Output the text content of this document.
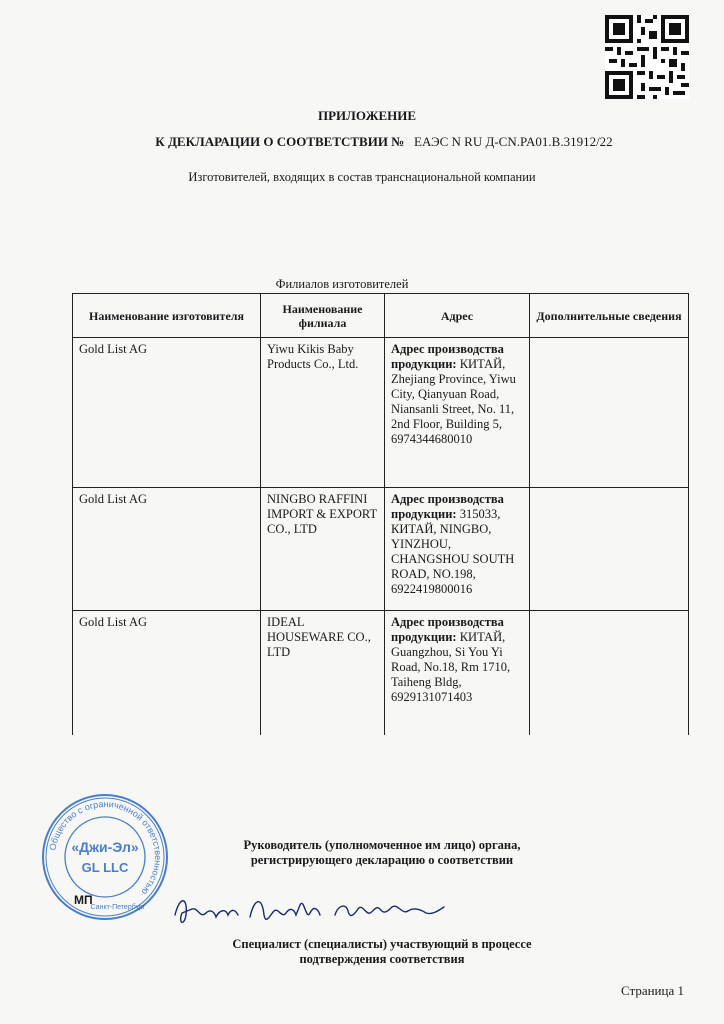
ПРИЛОЖЕНИЕ
К ДЕКЛАРАЦИИ О СООТВЕТСТВИИ № ЕАЭС N RU Д-CN.PA01.B.31912/22
Изготовителей, входящих в состав транснациональной компании
Филиалов изготовителей
Наименование изготовителя	Наименование филиала	Адрес	Дополнительные сведения
Gold List AG	Yiwu Kikis Baby Products Co., Ltd.	Адрес производства продукции: КИТАЙ, Zhejiang Province, Yiwu City, Qianyuan Road, Niansanli Street, No. 11, 2nd Floor, Building 5, 6974344680010	
Gold List AG	NINGBO RAFFINI IMPORT & EXPORT CO., LTD	Адрес производства продукции: 315033, КИТАЙ, NINGBO, YINZHOU, CHANGSHOU SOUTH ROAD, NO.198, 6922419800016	
Gold List AG	IDEAL HOUSEWARE CO., LTD	Адрес производства продукции: КИТАЙ, Guangzhou, Si You Yi Road, No.18, Rm 1710, Taiheng Bldg, 6929131071403	
Общество с ограниченной ответственностью
«Джи-Эл»
GL LLC
Санкт-Петербург
Руководитель (уполномоченное им лицо) органа,
регистрирующего декларацию о соответствии
МП
Специалист (специалисты) участвующий в процессе
подтверждения соответствия
Страница 1
